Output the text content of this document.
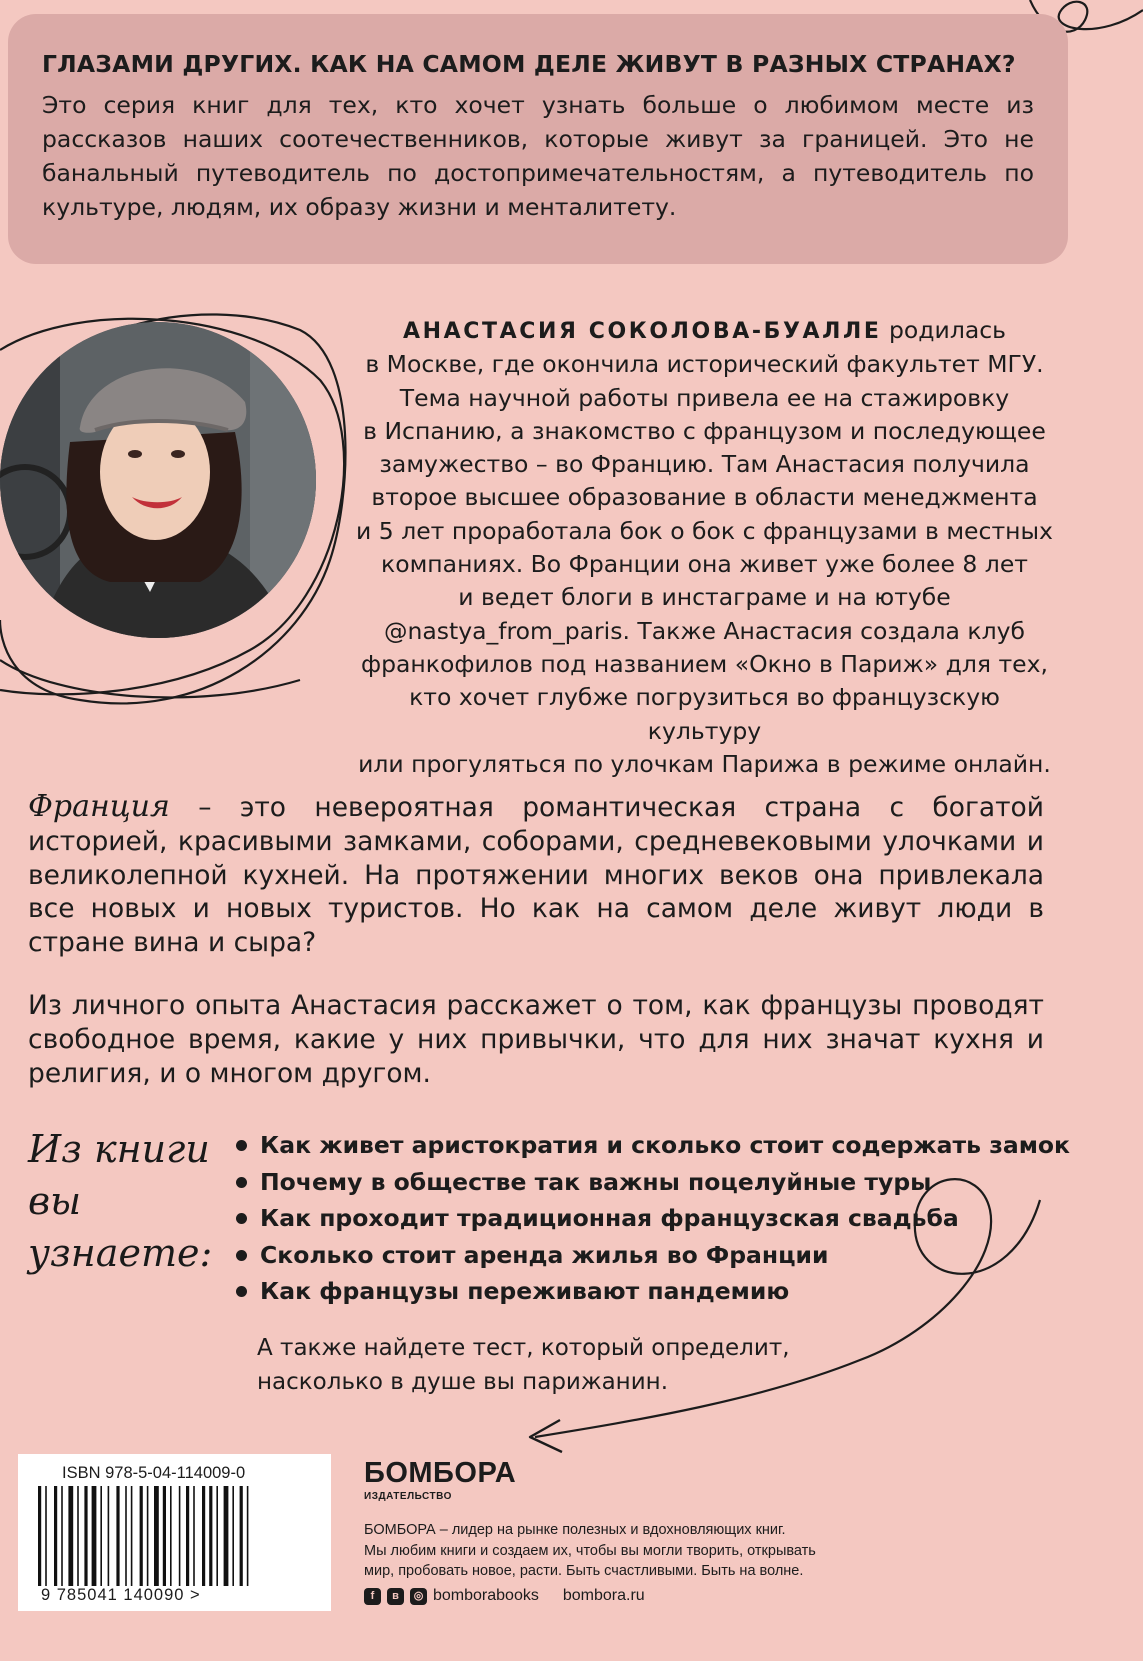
ГЛАЗАМИ ДРУГИХ. КАК НА САМОМ ДЕЛЕ ЖИВУТ В РАЗНЫХ СТРАНАХ?
Это серия книг для тех, кто хочет узнать больше о любимом месте из рассказов наших соотечественников, которые живут за границей. Это не банальный путеводитель по достопримечательностям, а путеводитель по культуре, людям, их образу жизни и менталитету.
АНАСТАСИЯ СОКОЛОВА-БУАЛЛЕ родилась
в Москве, где окончила исторический факультет МГУ.
Тема научной работы привела ее на стажировку
в Испанию, а знакомство с французом и последующее
замужество – во Францию. Там Анастасия получила
второе высшее образование в области менеджмента
и 5 лет проработала бок о бок с французами в местных
компаниях. Во Франции она живет уже более 8 лет
и ведет блоги в инстаграме и на ютубе
@nastya_from_paris. Также Анастасия создала клуб
франкофилов под названием «Окно в Париж» для тех,
кто хочет глубже погрузиться во французскую культуру
или прогуляться по улочкам Парижа в режиме онлайн.
Франция – это невероятная романтическая страна с богатой историей, красивыми замками, соборами, средневековыми улочками и великолепной кухней. На протяжении многих веков она привлекала все новых и новых туристов. Но как на самом деле живут люди в стране вина и сыра?
Из личного опыта Анастасия расскажет о том, как французы проводят свободное время, какие у них привычки, что для них значат кухня и религия, и о многом другом.
Из книги
вы узнаете:
Как живет аристократия и сколько стоит содержать замок
Почему в обществе так важны поцелуйные туры
Как проходит традиционная французская свадьба
Сколько стоит аренда жилья во Франции
Как французы переживают пандемию
А также найдете тест, который определит,
насколько в душе вы парижанин.
ISBN 978-5-04-114009-0
9 785041 140090 >
БОМБОРА
ИЗДАТЕЛЬСТВО
БОМБОРА – лидер на рынке полезных и вдохновляющих книг.
Мы любим книги и создаем их, чтобы вы могли творить, открывать
мир, пробовать новое, расти. Быть счастливыми. Быть на волне.
f	в	◎ bomborabooks bombora.ru
